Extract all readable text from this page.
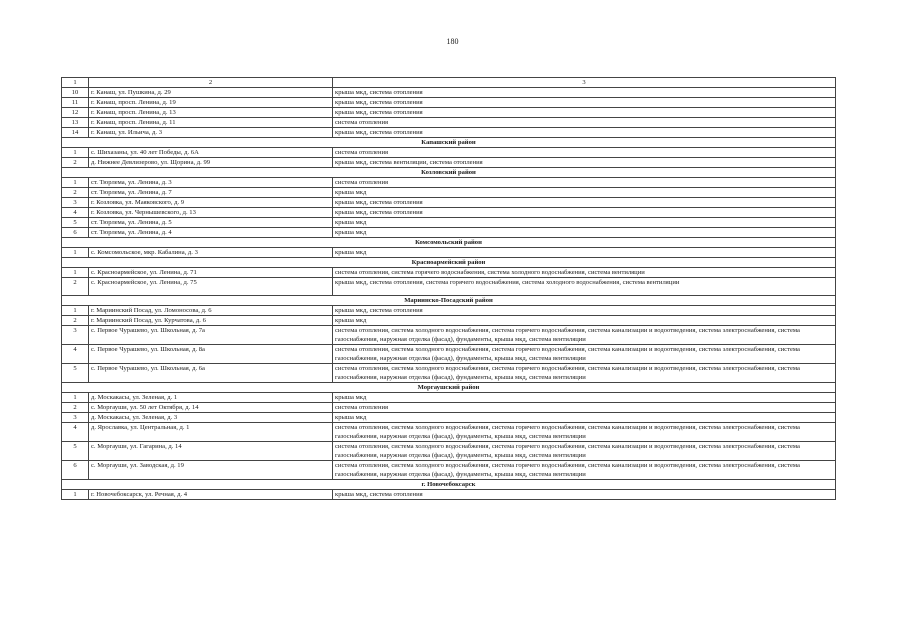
180
1	2	3
10	г. Канаш, ул. Пушкина, д. 29	крыша мкд, система отопления
11	г. Канаш, просп. Ленина, д. 19	крыша мкд, система отопления
12	г. Канаш, просп. Ленина, д. 13	крыша мкд, система отопления
13	г. Канаш, просп. Ленина, д. 11	система отопления
14	г. Канаш, ул. Ильича, д. 3	крыша мкд, система отопления
Капашский район		
1	с. Шихазаны, ул. 40 лет Победы, д. 6А	система отопления
2	д. Нижнее Девлизерово, ул. Щорина, д. 99	крыша мкд, система вентиляции, система отопления
Козловский район		
1	ст. Тюрлема, ул. Ленина, д. 3	система отопления
2	ст. Тюрлема, ул. Ленина, д. 7	крыша мкд
3	г. Козловка, ул. Маяковского, д. 9	крыша мкд, система отопления
4	г. Козловка, ул. Чернышевского, д. 13	крыша мкд, система отопления
5	ст. Тюрлема, ул. Ленина, д. 5	крыша мкд
6	ст. Тюрлема, ул. Ленина, д. 4	крыша мкд
Комсомольский район		
1	с. Комсомольское, мкр. Кабалина, д. 3	крыша мкд
Красноармейский район		
1	с. Красноармейское, ул. Ленина, д. 71	система отопления, система горячего водоснабжения, система холодного водоснабжения, система вентиляции
2	с. Красноармейское, ул. Ленина, д. 75	крыша мкд, система отопления, система горячего водоснабжения, система холодного водоснабжения, система вентиляции
Мариинско-Посадский район		
1	г. Мариинский Посад, ул. Ломоносова, д. 6	крыша мкд, система отопления
2	г. Мариинский Посад, ул. Курчатова, д. 6	крыша мкд
3	с. Первое Чурашево, ул. Школьная, д. 7а	система отопления, система холодного водоснабжения, система горячего водоснабжения, система канализации и водоотведения, система электроснабжения, система газоснабжения, наружная отделка (фасад), фундаменты, крыша мкд, система вентиляции
4	с. Первое Чурашево, ул. Школьная, д. 8а	система отопления, система холодного водоснабжения, система горячего водоснабжения, система канализации и водоотведения, система электроснабжения, система газоснабжения, наружная отделка (фасад), фундаменты, крыша мкд, система вентиляции
5	с. Первое Чурашево, ул. Школьная, д. 6а	система отопления, система холодного водоснабжения, система горячего водоснабжения, система канализации и водоотведения, система электроснабжения, система газоснабжения, наружная отделка (фасад), фундаменты, крыша мкд, система вентиляции
Моргаушский район		
1	д. Москакасы, ул. Зеленая, д. 1	крыша мкд
2	с. Моргауши, ул. 50 лет Октября, д. 14	система отопления
3	д. Москакасы, ул. Зеленая, д. 3	крыша мкд
4	д. Ярославка, ул. Центральная, д. 1	система отопления, система холодного водоснабжения, система горячего водоснабжения, система канализации и водоотведения, система электроснабжения, система газоснабжения, наружная отделка (фасад), фундаменты, крыша мкд, система вентиляции
5	с. Моргауши, ул. Гагарина, д. 14	система отопления, система холодного водоснабжения, система горячего водоснабжения, система канализации и водоотведения, система электроснабжения, система газоснабжения, наружная отделка (фасад), фундаменты, крыша мкд, система вентиляции
6	с. Моргауши, ул. Заводская, д. 19	система отопления, система холодного водоснабжения, система горячего водоснабжения, система канализации и водоотведения, система электроснабжения, система газоснабжения, наружная отделка (фасад), фундаменты, крыша мкд, система вентиляции
г. Новочебоксарск		
1	г. Новочебоксарск, ул. Речная, д. 4	крыша мкд, система отопления
